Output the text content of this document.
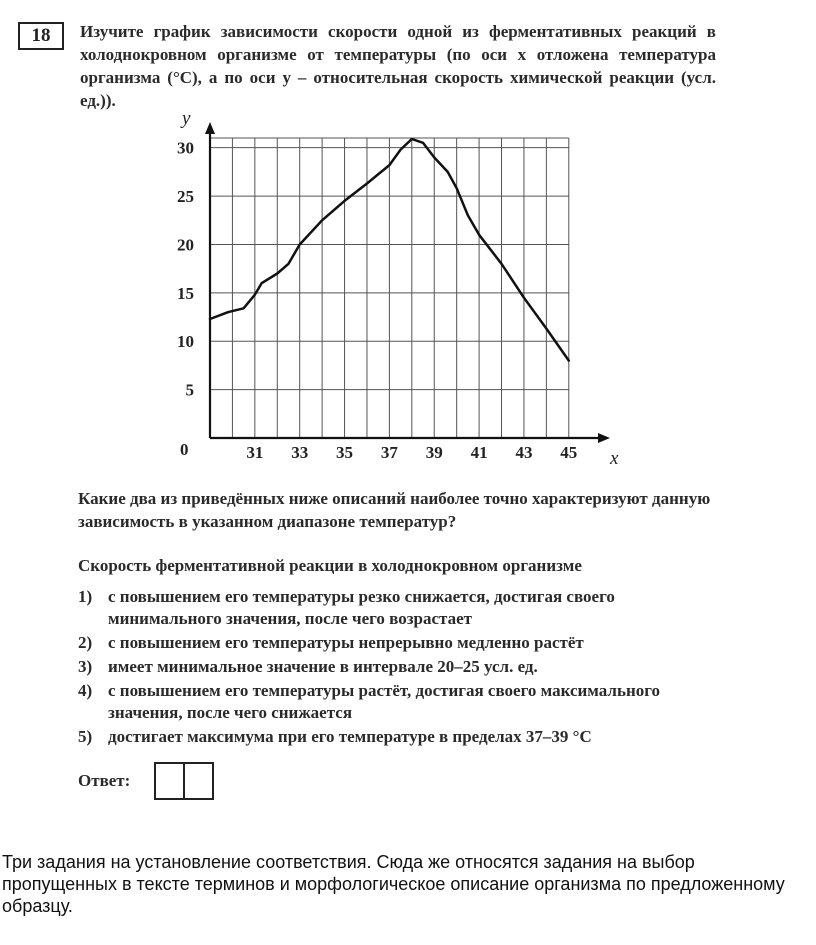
18	Изучите график зависимости скорости одной из ферментативных реакций в холоднокровном организме от температуры (по оси x отложена температура организма (°C), а по оси y – относительная скорость химической реакции (усл. ед.)).
y
x
0	31 33 35 37 39 41 43 45
5
10
15
20
25
30
Какие два из приведённых ниже описаний наиболее точно характеризуют данную зависимость в указанном диапазоне температур?
Скорость ферментативной реакции в холоднокровном организме
1) с повышением его температуры резко снижается, достигая своего минимального значения, после чего возрастает
2) с повышением его температуры непрерывно медленно растёт
3) имеет минимальное значение в интервале 20–25 усл. ед.
4) с повышением его температуры растёт, достигая своего максимального значения, после чего снижается
5) достигает максимума при его температуре в пределах 37–39 °С
Ответ:
Три задания на установление соответствия. Сюда же относятся задания на выбор пропущенных в тексте терминов и морфологическое описание организма по предложенному образцу.
